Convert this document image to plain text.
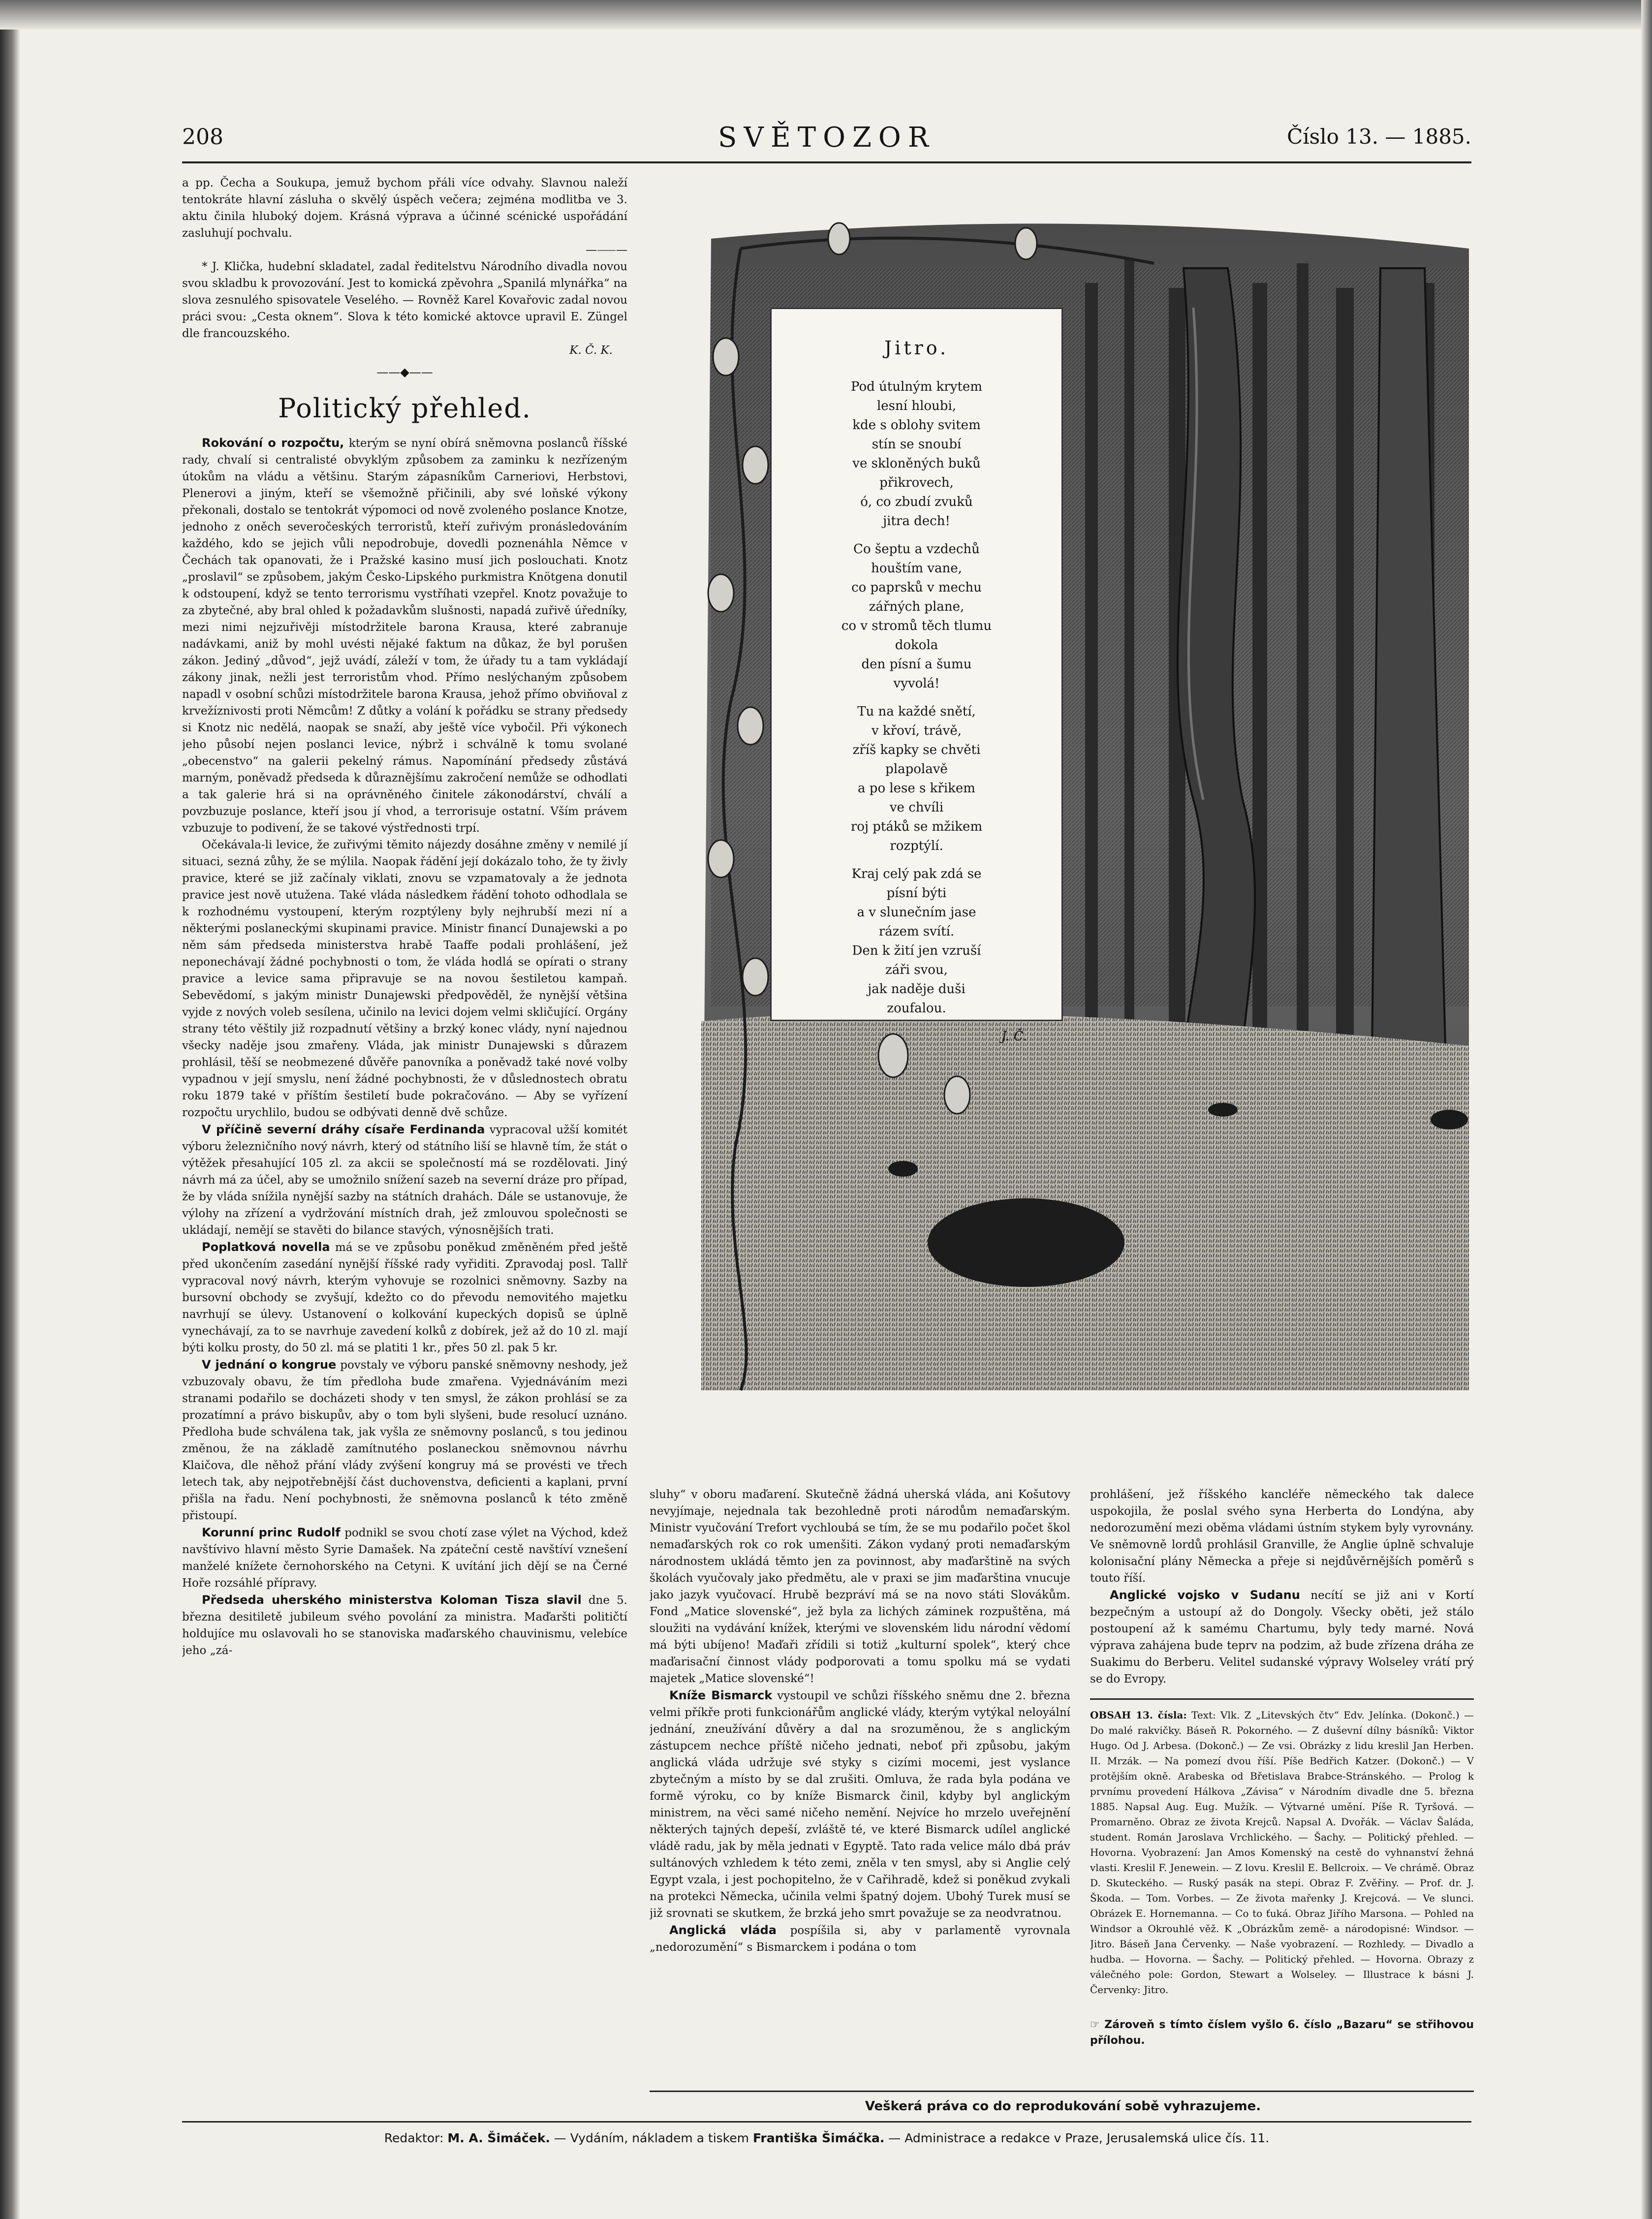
208	SVĚTOZOR	Číslo 13. — 1885.

a pp. Čecha a Soukupa, jemuž bychom přáli více odvahy. Slavnou naleží tentokráte hlavní zásluha o skvělý úspěch večera; zejména modlitba ve 3. aktu činila hluboký dojem. Krásná výprava a účinné scénické uspořádání zasluhují pochvalu.

—⸺—

* J. Klička, hudební skladatel, zadal ředitelstvu Národního divadla novou svou skladbu k provozování. Jest to komická zpěvohra „Spanilá mlynářka“ na slova zesnulého spisovatele Veselého. — Rovněž Karel Kovařovic zadal novou práci svou: „Cesta oknem“. Slova k této komické aktovce upravil E. Züngel dle francouzského.

K. Č. K.
——◆——
Politický přehled.

Rokování o rozpočtu, kterým se nyní obírá sněmovna poslanců říšské rady, chvalí si centralisté obvyklým způsobem za zaminku k nezřízeným útokům na vládu a většinu. Starým zápasníkům Carneriovi, Herbstovi, Plenerovi a jiným, kteří se všemožně přičinili, aby své loňské výkony překonali, dostalo se tentokrát výpomoci od nově zvoleného poslance Knotze, jednoho z oněch severočeských terroristů, kteří zuřivým pronásledováním každého, kdo se jejich vůli nepodrobuje, dovedli poznenáhla Němce v Čechách tak opanovati, že i Pražské kasino musí jich poslouchati. Knotz „proslavil“ se způsobem, jakým Česko-Lipského purkmistra Knötgena donutil k odstoupení, když se tento terrorismu vystříhati vzepřel. Knotz považuje to za zbytečné, aby bral ohled k požadavkům slušnosti, napadá zuřivě úředníky, mezi nimi nejzuřivěji místodržitele barona Krausa, které zabranuje nadávkami, aniž by mohl uvésti nějaké faktum na důkaz, že byl porušen zákon. Jediný „důvod“, jejž uvádí, záleží v tom, že úřady tu a tam vykládají zákony jinak, nežli jest terroristům vhod. Přímo neslýchaným způsobem napadl v osobní schůzi místodržitele barona Krausa, jehož přímo obviňoval z krvežíznivosti proti Němcům! Z důtky a volání k pořádku se strany předsedy si Knotz nic nedělá, naopak se snaží, aby ještě více vybočil. Při výkonech jeho působí nejen poslanci levice, nýbrž i schválně k tomu svolané „obecenstvo“ na galerii pekelný rámus. Napomínání předsedy zůstává marným, poněvadž předseda k důraznějšímu zakročení nemůže se odhodlati a tak galerie hrá si na oprávněného činitele zákonodárství, chválí a povzbuzuje poslance, kteří jsou jí vhod, a terrorisuje ostatní. Vším právem vzbuzuje to podivení, že se takové výstřednosti trpí.

Očekávala-li levice, že zuřivými těmito nájezdy dosáhne změny v nemilé jí situaci, sezná zůhy, že se mýlila. Naopak řádění její dokázalo toho, že ty živly pravice, které se již začínaly viklati, znovu se vzpamatovaly a že jednota pravice jest nově utužena. Také vláda následkem řádění tohoto odhodlala se k rozhodnému vystoupení, kterým rozptýleny byly nejhrubší mezi ní a některými poslaneckými skupinami pravice. Ministr financí Dunajewski a po něm sám předseda ministerstva hrabě Taaffe podali prohlášení, jež neponechávají žádné pochybnosti o tom, že vláda hodlá se opírati o strany pravice a levice sama připravuje se na novou šestiletou kampaň. Sebevědomí, s jakým ministr Dunajewski předpověděl, že nynější většina vyjde z nových voleb sesílena, učinilo na levici dojem velmi skličující. Orgány strany této věštily již rozpadnutí většiny a brzký konec vlády, nyní najednou všecky naděje jsou zmařeny. Vláda, jak ministr Dunajewski s důrazem prohlásil, těší se neobmezené důvěře panovníka a poněvadž také nové volby vypadnou v její smyslu, není žádné pochybnosti, že v důslednostech obratu roku 1879 také v příštím šestiletí bude pokračováno. — Aby se vyřízení rozpočtu urychlilo, budou se odbývati denně dvě schůze.

V příčině severní dráhy císaře Ferdinanda vypracoval užší komitét výboru železničního nový návrh, který od státního liší se hlavně tím, že stát o výtěžek přesahující 105 zl. za akcii se společností má se rozdělovati. Jiný návrh má za účel, aby se umožnilo snížení sazeb na severní dráze pro případ, že by vláda snížila nynější sazby na státních drahách. Dále se ustanovuje, že výlohy na zřízení a vydržování místních drah, jež zmlouvou společnosti se ukládají, nemějí se stavěti do bilance stavých, výnosnějších trati.

Poplatková novella má se ve způsobu poněkud změněném před ještě před ukončením zasedání nynější říšské rady vyřiditi. Zpravodaj posl. Tallř vypracoval nový návrh, kterým vyhovuje se rozolnici sněmovny. Sazby na bursovní obchody se zvyšují, kdežto co do převodu nemovitého majetku navrhují se úlevy. Ustanovení o kolkování kupeckých dopisů se úplně vynechávají, za to se navrhuje zavedení kolků z dobírek, jež až do 10 zl. mají býti kolku prosty, do 50 zl. má se platiti 1 kr., přes 50 zl. pak 5 kr.

V jednání o kongrue povstaly ve výboru panské sněmovny neshody, jež vzbuzovaly obavu, že tím předloha bude zmařena. Vyjednáváním mezi stranami podařilo se docházeti shody v ten smysl, že zákon prohlásí se za prozatímní a právo biskupův, aby o tom byli slyšeni, bude resolucí uznáno. Předloha bude schválena tak, jak vyšla ze sněmovny poslanců, s tou jedinou změnou, že na základě zamítnutého poslaneckou sněmovnou návrhu Klaičova, dle něhož přání vlády zvýšení kongruy má se provésti ve třech letech tak, aby nejpotřebnější část duchovenstva, deficienti a kaplani, první přišla na řadu. Není pochybnosti, že sněmovna poslanců k této změně přistoupí.

Korunní princ Rudolf podnikl se svou chotí zase výlet na Východ, kdež navštívivo hlavní město Syrie Damašek. Na zpáteční cestě navštíví vznešení manželé knížete černohorského na Cetyni. K uvítání jich dějí se na Černé Hoře rozsáhlé přípravy.

Předseda uherského ministerstva Koloman Tisza slavil dne 5. března desitiletě jubileum svého povolání za ministra. Maďaršti političtí holdujíce mu oslavovali ho se stanoviska maďarského chauvinismu, velebíce jeho „zá-

Jitro.
Pod útulným krytem
lesní hloubi,
kde s oblohy svitem
stín se snoubí
ve skloněných buků
přikrovech,
ó, co zbudí zvuků
jitra dech!
Co šeptu a vzdechů
houštím vane,
co paprsků v mechu
zářných plane,
co v stromů těch tlumu
dokola
den písní a šumu
vyvolá!
Tu na každé snětí,
v křoví, trávě,
zříš kapky se chvěti
plapolavě
a po lese s křikem
ve chvíli
roj ptáků se mžikem
rozptýlí.
Kraj celý pak zdá se
písní býti
a v slunečním jase
rázem svítí.
Den k žití jen vzruší
záři svou,
jak naděje duši
zoufalou.
J. Č.

sluhy“ v oboru maďarení. Skutečně žádná uherská vláda, ani Košutovy nevyjímaje, nejednala tak bezohledně proti národům nemaďarským. Ministr vyučování Trefort vychloubá se tím, že se mu podařilo počet škol nemaďarských rok co rok umenšiti. Zákon vydaný proti nemaďarským národnostem ukládá těmto jen za povinnost, aby maďarštině na svých školách vyučovaly jako předmětu, ale v praxi se jim maďarština vnucuje jako jazyk vyučovací. Hrubě bezpráví má se na novo státi Slovákům. Fond „Matice slovenské“, jež byla za lichých záminek rozpuštěna, má sloužiti na vydávání knížek, kterými ve slovenském lidu národní vědomí má býti ubíjeno! Maďaři zřídili si totiž „kulturní spolek“, který chce maďarisační činnost vlády podporovati a tomu spolku má se vydati majetek „Matice slovenské“!

Kníže Bismarck vystoupil ve schůzi říšského sněmu dne 2. března velmi příkře proti funkcionářům anglické vlády, kterým vytýkal neloyální jednání, zneužívání důvěry a dal na srozuměnou, že s anglickým zástupcem nechce příště ničeho jednati, neboť při způsobu, jakým anglická vláda udržuje své styky s cizími mocemi, jest vyslance zbytečným a místo by se dal zrušiti. Omluva, že rada byla podána ve formě výroku, co by kníže Bismarck činil, kdyby byl anglickým ministrem, na věci samé ničeho nemění. Nejvíce ho mrzelo uveřejnění některých tajných depeší, zvláště té, ve které Bismarck udílel anglické vládě radu, jak by měla jednati v Egyptě. Tato rada velice málo dbá práv sultánových vzhledem k této zemi, zněla v ten smysl, aby si Anglie celý Egypt vzala, i jest pochopitelno, že v Cařihradě, kdež si poněkud zvykali na protekci Německa, učinila velmi špatný dojem. Ubohý Turek musí se již srovnati se skutkem, že brzká jeho smrt považuje se za neodvratnou.

Anglická vláda pospíšila si, aby v parlamentě vyrovnala „nedorozumění“ s Bismarckem i podána o tom

prohlášení, jež říšského kancléře německého tak dalece uspokojila, že poslal svého syna Herberta do Londýna, aby nedorozumění mezi oběma vládami ústním stykem byly vyrovnány. Ve sněmovně lordů prohlásil Granville, že Anglie úplně schvaluje kolonisační plány Německa a přeje si nejdůvěrnějších poměrů s touto říší.

Anglické vojsko v Sudanu necítí se již ani v Kortí bezpečným a ustoupí až do Dongoly. Všecky oběti, jež stálo postoupení až k samému Chartumu, byly tedy marné. Nová výprava zahájena bude teprv na podzim, až bude zřízena dráha ze Suakimu do Berberu. Velitel sudanské výpravy Wolseley vrátí prý se do Evropy.

OBSAH 13. čísla: Text: Vlk. Z „Litevských čtv“ Edv. Jelínka. (Dokonč.) — Do malé rakvičky. Báseň R. Pokorného. — Z duševní dílny básníků: Viktor Hugo. Od J. Arbesa. (Dokonč.) — Ze vsi. Obrázky z lidu kreslil Jan Herben. II. Mrzák. — Na pomezí dvou říší. Píše Bedřich Katzer. (Dokonč.) — V protějším okně. Arabeska od Břetislava Brabce-Stránského. — Prolog k prvnímu provedení Hálkova „Závisa“ v Národním divadle dne 5. března 1885. Napsal Aug. Eug. Mužík. — Výtvarné umění. Píše R. Tyršová. — Promarněno. Obraz ze života Krejců. Napsal A. Dvořák. — Václav Šaláda, student. Román Jaroslava Vrchlického. — Šachy. — Politický přehled. — Hovorna. Vyobrazení: Jan Amos Komenský na cestě do vyhnanství žehná vlasti. Kreslil F. Jenewein. — Z lovu. Kreslil E. Bellcroix. — Ve chrámě. Obraz D. Skuteckého. — Ruský pasák na stepi. Obraz F. Zvěřiny. — Prof. dr. J. Škoda. — Tom. Vorbes. — Ze života mařenky J. Krejcová. — Ve slunci. Obrázek E. Hornemanna. — Co to ťuká. Obraz Jiřího Marsona. — Pohled na Windsor a Okrouhlé věž. K „Obrázkům země- a národopisné: Windsor. — Jitro. Báseň Jana Červenky. — Naše vyobrazení. — Rozhledy. — Divadlo a hudba. — Hovorna. — Šachy. — Politický přehled. — Hovorna. Obrazy z válečného pole: Gordon, Stewart a Wolseley. — Illustrace k básni J. Červenky: Jitro.
☞ Zároveň s tímto číslem vyšlo 6. číslo „Bazaru“ se střihovou přílohou.
Veškerá práva co do reprodukování sobě vyhrazujeme.
Redaktor: M. A. Šimáček. — Vydáním, nákladem a tiskem Františka Šimáčka. — Administrace a redakce v Praze, Jerusalemská ulice čís. 11.
